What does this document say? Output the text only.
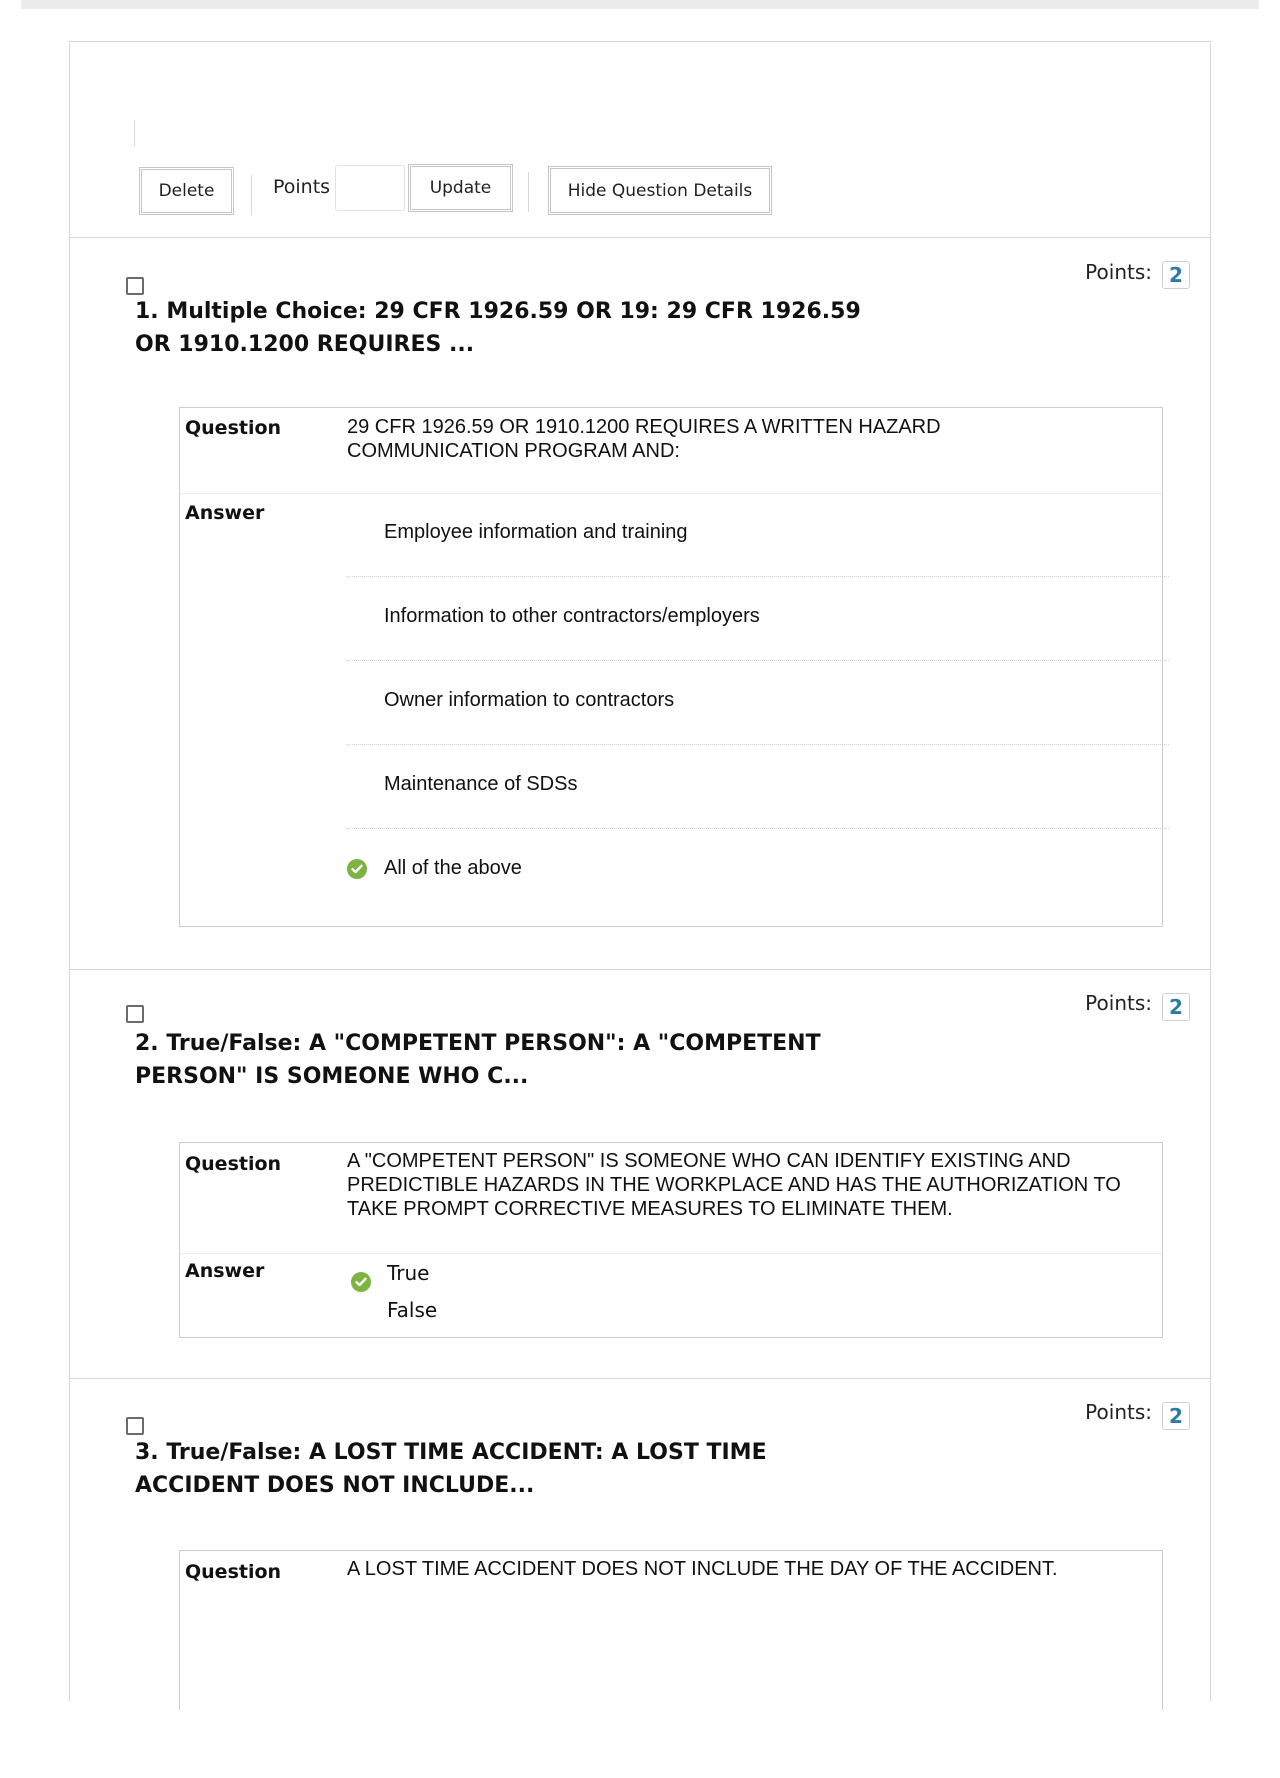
Delete	Points	Update	Hide Question Details
Points: 2
1. Multiple Choice: 29 CFR 1926.59 OR 19: 29 CFR 1926.59 OR 1910.1200 REQUIRES ...
Question	29 CFR 1926.59 OR 1910.1200 REQUIRES A WRITTEN HAZARD COMMUNICATION PROGRAM AND:
Answer
Employee information and training
Information to other contractors/employers
Owner information to contractors
Maintenance of SDSs
All of the above
Points: 2
2. True/False: A "COMPETENT PERSON": A "COMPETENT PERSON" IS SOMEONE WHO C...
Question	A "COMPETENT PERSON" IS SOMEONE WHO CAN IDENTIFY EXISTING AND PREDICTIBLE HAZARDS IN THE WORKPLACE AND HAS THE AUTHORIZATION TO TAKE PROMPT CORRECTIVE MEASURES TO ELIMINATE THEM.
Answer	True
False
Points: 2
3. True/False: A LOST TIME ACCIDENT: A LOST TIME ACCIDENT DOES NOT INCLUDE...
Question	A LOST TIME ACCIDENT DOES NOT INCLUDE THE DAY OF THE ACCIDENT.
